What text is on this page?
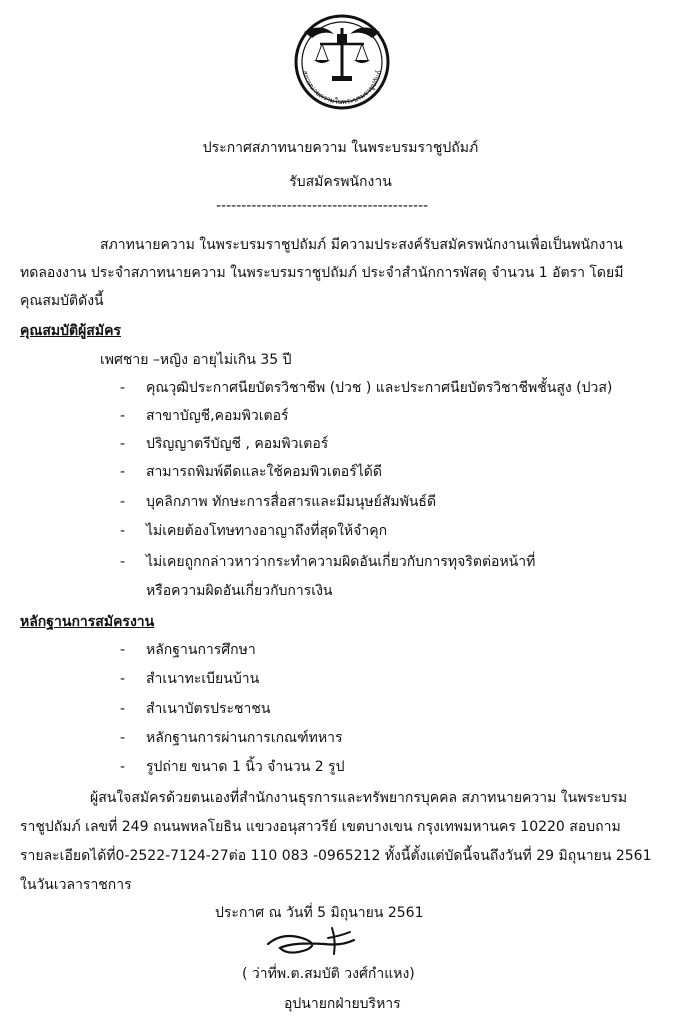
สภาทนายความในพระบรมราชูปถัมภ์
ประกาศสภาทนายความ ในพระบรมราชูปถัมภ์
รับสมัครพนักงาน
------------------------------------------
สภาทนายความ ในพระบรมราชูปถัมภ์ มีความประสงค์รับสมัครพนักงานเพื่อเป็นพนักงาน
ทดลองงาน ประจำสภาทนายความ ในพระบรมราชูปถัมภ์ ประจำสำนักการพัสดุ จำนวน 1 อัตรา โดยมี
คุณสมบัติดังนี้
คุณสมบัติผู้สมัคร
เพศชาย –หญิง อายุไม่เกิน 35 ปี
- คุณวุฒิประกาศนียบัตรวิชาชีพ (ปวช ) และประกาศนียบัตรวิชาชีพชั้นสูง (ปวส)
- สาขาบัญชี,คอมพิวเตอร์
- ปริญญาตรีบัญชี , คอมพิวเตอร์
- สามารถพิมพ์ดีดและใช้คอมพิวเตอร์ได้ดี
- บุคลิกภาพ ทักษะการสื่อสารและมีมนุษย์สัมพันธ์ดี
- ไม่เคยต้องโทษทางอาญาถึงที่สุดให้จำคุก
- ไม่เคยถูกกล่าวหาว่ากระทำความผิดอันเกี่ยวกับการทุจริตต่อหน้าที่
หรือความผิดอันเกี่ยวกับการเงิน
หลักฐานการสมัครงาน
- หลักฐานการศึกษา
- สำเนาทะเบียนบ้าน
- สำเนาบัตรประชาชน
- หลักฐานการผ่านการเกณฑ์ทหาร
- รูปถ่าย ขนาด 1 นิ้ว จำนวน 2 รูป
ผู้สนใจสมัครด้วยตนเองที่สำนักงานธุรการและทรัพยากรบุคคล สภาทนายความ ในพระบรม
ราชูปถัมภ์ เลขที่ 249 ถนนพหลโยธิน แขวงอนุสาวรีย์ เขตบางเขน กรุงเทพมหานคร 10220 สอบถาม
รายละเอียดได้ที่0-2522-7124-27ต่อ 110 083 -0965212 ทั้งนี้ตั้งแต่บัดนี้จนถึงวันที่ 29 มิถุนายน 2561
ในวันเวลาราชการ
ประกาศ ณ วันที่ 5 มิถุนายน 2561
( ว่าที่พ.ต.สมบัติ วงศ์กำแหง)
อุปนายกฝ่ายบริหาร
